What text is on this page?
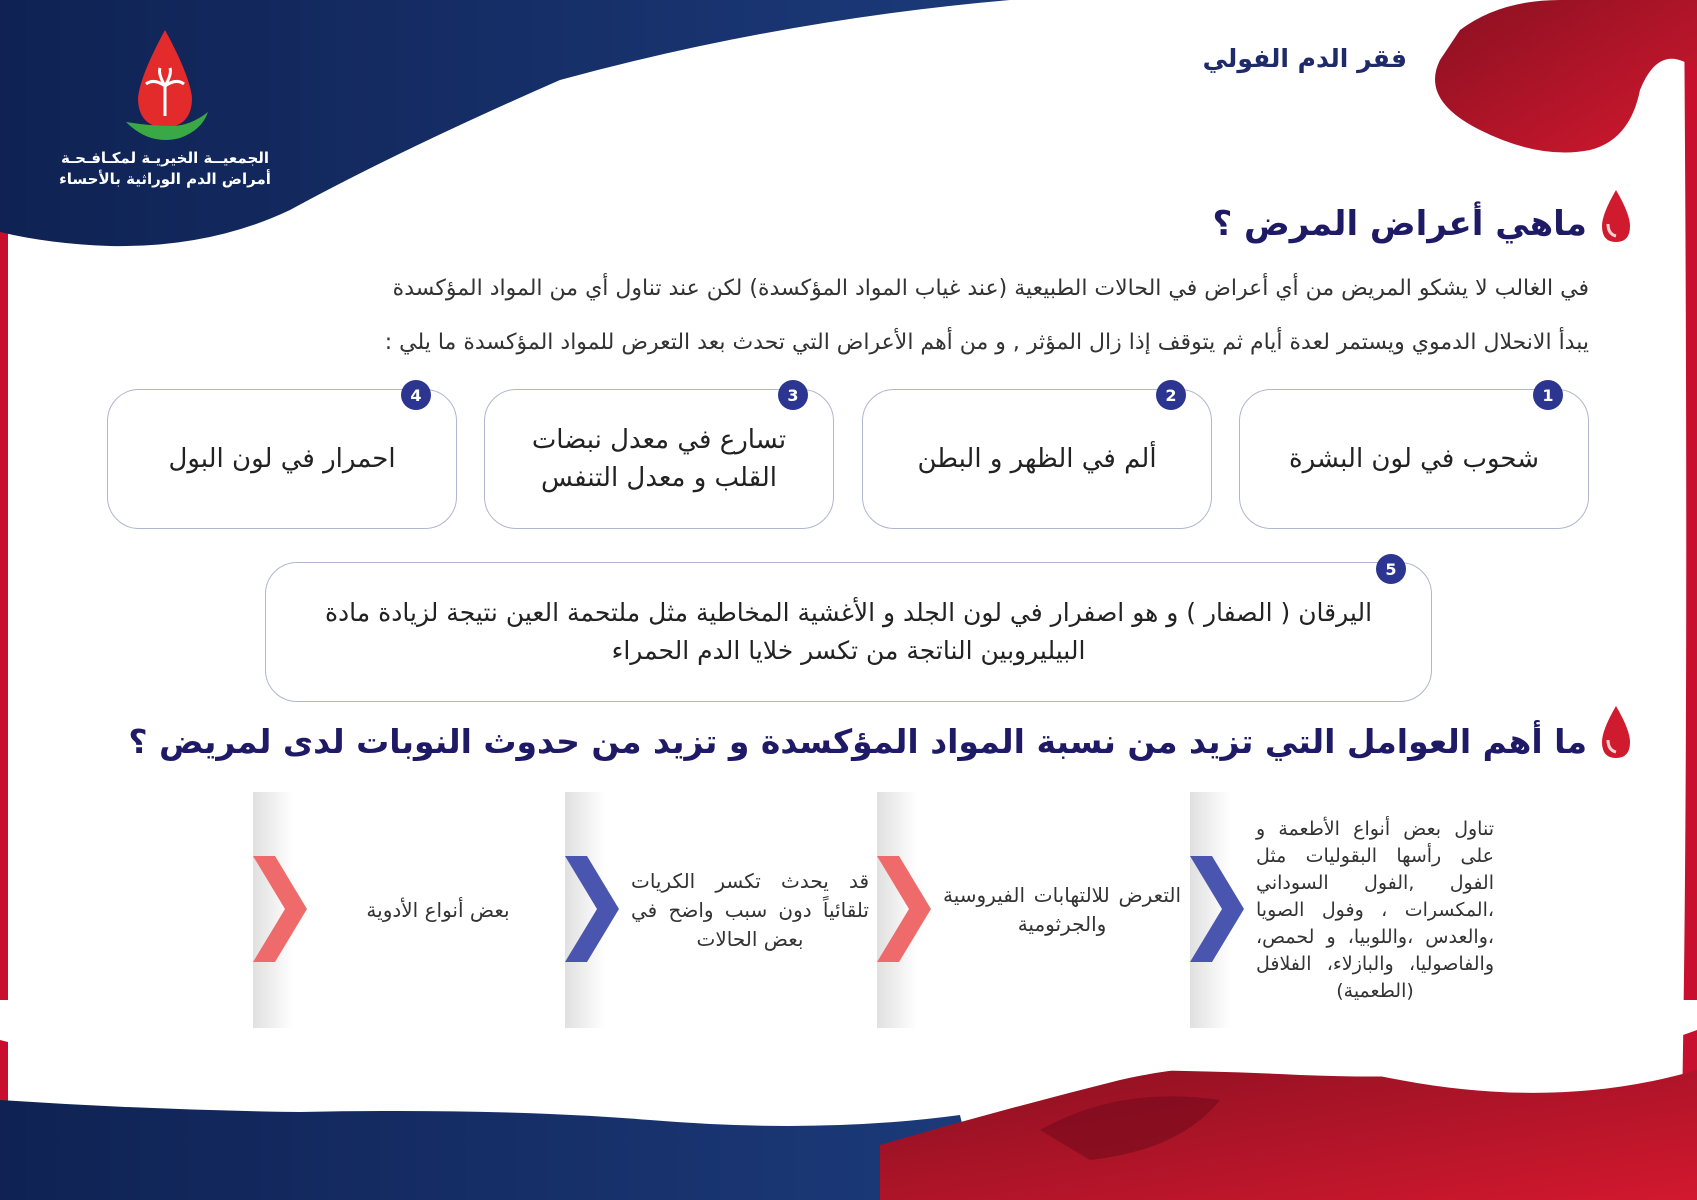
الجمعيــة الخيريـة لمكـافـحـة
أمراض الدم الوراثية بالأحساء
فقر الدم الفولي
ماهي أعراض المرض ؟
في الغالب لا يشكو المريض من أي أعراض في الحالات الطبيعية (عند غياب المواد المؤكسدة) لكن عند تناول أي من المواد المؤكسدة
يبدأ الانحلال الدموي ويستمر لعدة أيام ثم يتوقف إذا زال المؤثر , و من أهم الأعراض التي تحدث بعد التعرض للمواد المؤكسدة ما يلي :
شحوب في لون البشرة
1
ألم في الظهر و البطن
2
تسارع في معدل نبضات القلب و معدل التنفس
3
احمرار في لون البول
4
اليرقان ( الصفار ) و هو اصفرار في لون الجلد و الأغشية المخاطية مثل ملتحمة العين نتيجة لزيادة مادة البيليروبين الناتجة من تكسر خلايا الدم الحمراء
5
ما أهم العوامل التي تزيد من نسبة المواد المؤكسدة و تزيد من حدوث النوبات لدى لمريض ؟
تناول بعض أنواع الأطعمة و على رأسها البقوليات مثل الفول ,الفول السوداني ،المكسرات ، وفول الصويا ،والعدس ،واللوبيا، و لحمص، والفاصوليا، والبازلاء، الفلافل (الطعمية)
التعرض للالتهابات الفيروسية والجرثومية
قد يحدث تكسر الكريات تلقائياً دون سبب واضح في بعض الحالات
بعض أنواع الأدوية
